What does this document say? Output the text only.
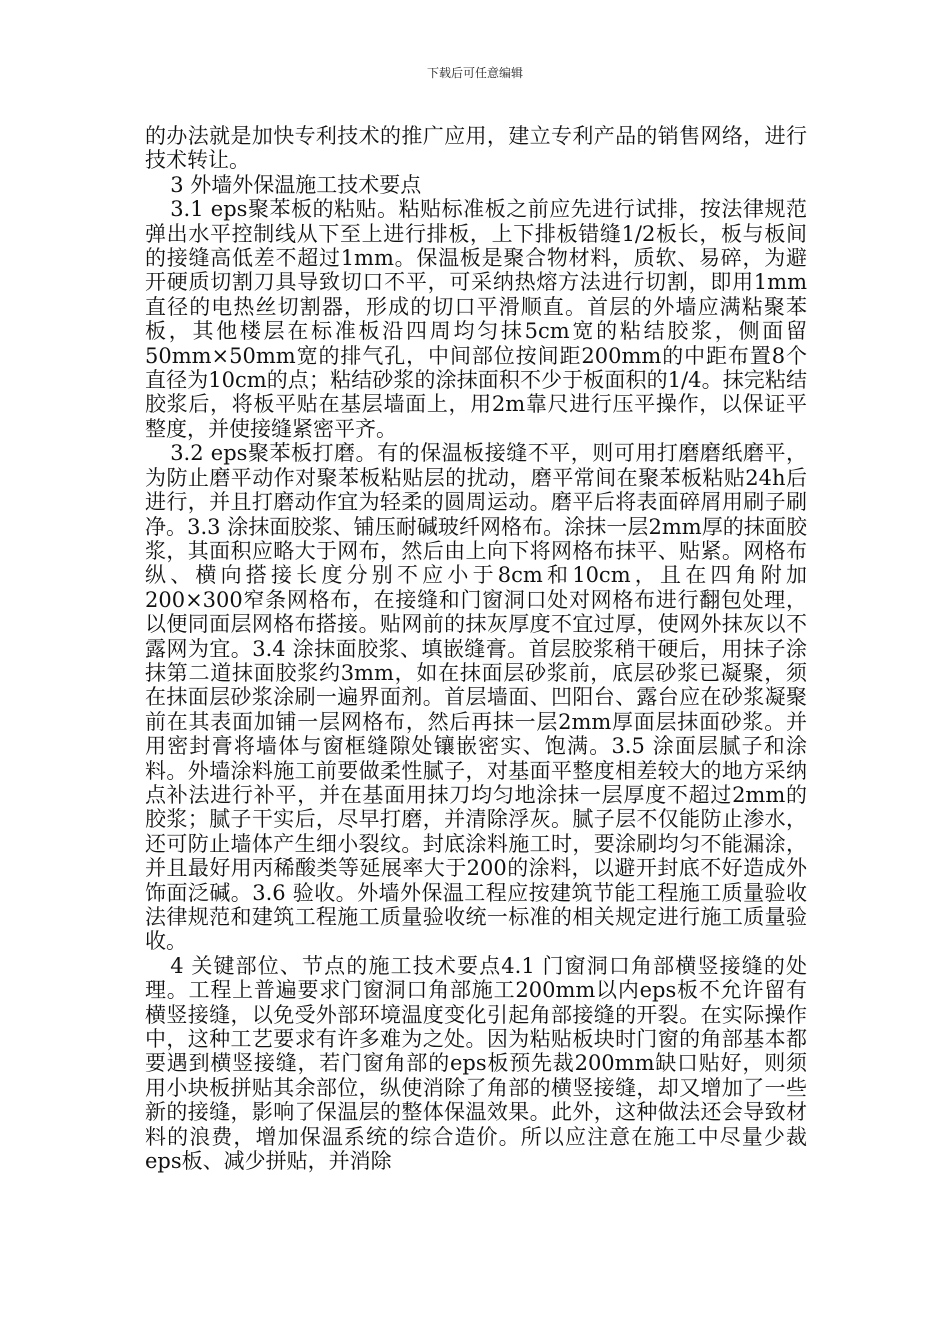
下载后可任意编辑

的办法就是加快专利技术的推广应用，建立专利产品的销售网络，进行技术转让。

3 外墙外保温施工技术要点

3.1 eps聚苯板的粘贴。粘贴标准板之前应先进行试排，按法律规范弹出水平控制线从下至上进行排板，上下排板错缝1/2板长，板与板间的接缝高低差不超过1mm。保温板是聚合物材料，质软、易碎，为避开硬质切割刀具导致切口不平，可采纳热熔方法进行切割，即用1mm直径的电热丝切割器，形成的切口平滑顺直。首层的外墙应满粘聚苯板，其他楼层在标准板沿四周均匀抹5cm宽的粘结胶浆，侧面留50mm×50mm宽的排气孔，中间部位按间距200mm的中距布置8个直径为10cm的点；粘结砂浆的涂抹面积不少于板面积的1/4。抹完粘结胶浆后，将板平贴在基层墙面上，用2m靠尺进行压平操作，以保证平整度，并使接缝紧密平齐。

3.2 eps聚苯板打磨。有的保温板接缝不平，则可用打磨磨纸磨平，为防止磨平动作对聚苯板粘贴层的扰动，磨平常间在聚苯板粘贴24h后进行，并且打磨动作宜为轻柔的圆周运动。磨平后将表面碎屑用刷子刷净。3.3 涂抹面胶浆、铺压耐碱玻纤网格布。涂抹一层2mm厚的抹面胶浆，其面积应略大于网布，然后由上向下将网格布抹平、贴紧。网格布纵、横向搭接长度分别不应小于8cm和10cm，且在四角附加200×300窄条网格布，在接缝和门窗洞口处对网格布进行翻包处理，以便同面层网格布搭接。贴网前的抹灰厚度不宜过厚，使网外抹灰以不露网为宜。3.4 涂抹面胶浆、填嵌缝膏。首层胶浆稍干硬后，用抹子涂抹第二道抹面胶浆约3mm，如在抹面层砂浆前，底层砂浆已凝聚，须在抹面层砂浆涂刷一遍界面剂。首层墙面、凹阳台、露台应在砂浆凝聚前在其表面加铺一层网格布，然后再抹一层2mm厚面层抹面砂浆。并用密封膏将墙体与窗框缝隙处镶嵌密实、饱满。3.5 涂面层腻子和涂料。外墙涂料施工前要做柔性腻子，对基面平整度相差较大的地方采纳点补法进行补平，并在基面用抹刀均匀地涂抹一层厚度不超过2mm的胶浆；腻子干实后，尽早打磨，并清除浮灰。腻子层不仅能防止渗水，还可防止墙体产生细小裂纹。封底涂料施工时，要涂刷均匀不能漏涂，并且最好用丙稀酸类等延展率大于200的涂料，以避开封底不好造成外饰面泛碱。3.6 验收。外墙外保温工程应按建筑节能工程施工质量验收法律规范和建筑工程施工质量验收统一标准的相关规定进行施工质量验收。

4 关键部位、节点的施工技术要点4.1 门窗洞口角部横竖接缝的处理。工程上普遍要求门窗洞口角部施工200mm以内eps板不允许留有横竖接缝，以免受外部环境温度变化引起角部接缝的开裂。在实际操作中，这种工艺要求有许多难为之处。因为粘贴板块时门窗的角部基本都要遇到横竖接缝，若门窗角部的eps板预先裁200mm缺口贴好，则须用小块板拼贴其余部位，纵使消除了角部的横竖接缝，却又增加了一些新的接缝，影响了保温层的整体保温效果。此外，这种做法还会导致材料的浪费，增加保温系统的综合造价。所以应注意在施工中尽量少裁eps板、减少拼贴，并消除
